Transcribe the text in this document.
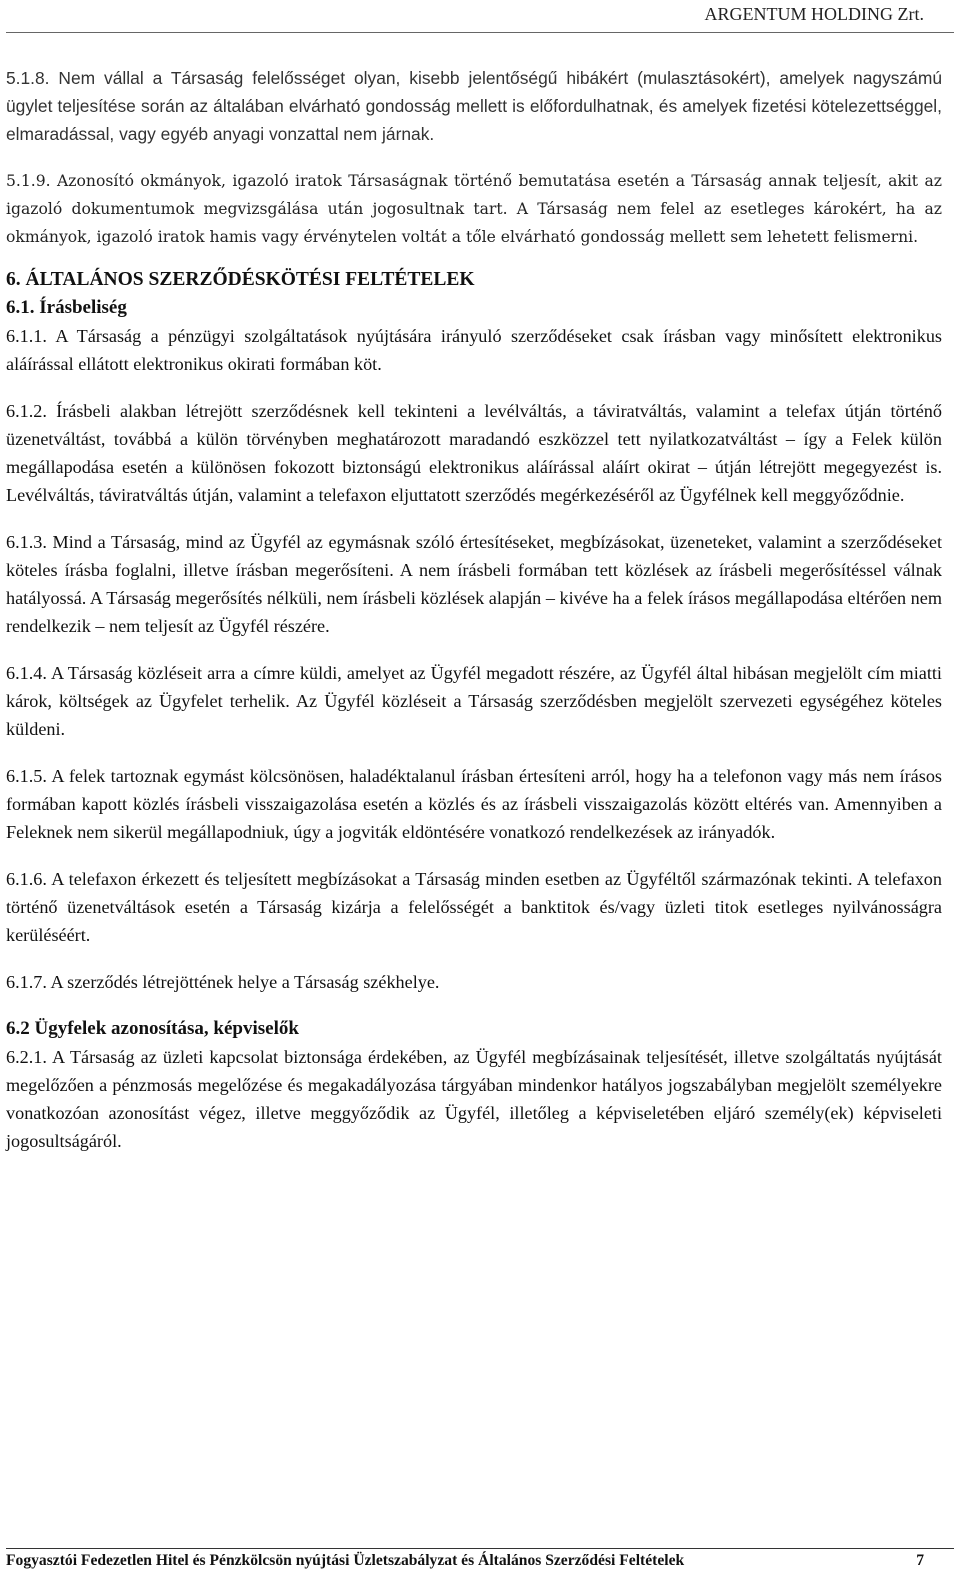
ARGENTUM HOLDING Zrt.

5.1.8. Nem vállal a Társaság felelősséget olyan, kisebb jelentőségű hibákért (mulasztásokért), amelyek nagyszámú ügylet teljesítése során az általában elvárható gondosság mellett is előfordulhatnak, és amelyek fizetési kötelezettséggel, elmaradással, vagy egyéb anyagi vonzattal nem járnak.

5.1.9. Azonosító okmányok, igazoló iratok Társaságnak történő bemutatása esetén a Társaság annak teljesít, akit az igazoló dokumentumok megvizsgálása után jogosultnak tart. A Társaság nem felel az esetleges károkért, ha az okmányok, igazoló iratok hamis vagy érvénytelen voltát a tőle elvárható gondosság mellett sem lehetett felismerni.

6. ÁLTALÁNOS SZERZŐDÉSKÖTÉSI FELTÉTELEK

6.1. Írásbeliség

6.1.1. A Társaság a pénzügyi szolgáltatások nyújtására irányuló szerződéseket csak írásban vagy minősített elektronikus aláírással ellátott elektronikus okirati formában köt.

6.1.2. Írásbeli alakban létrejött szerződésnek kell tekinteni a levélváltás, a táviratváltás, valamint a telefax útján történő üzenetváltást, továbbá a külön törvényben meghatározott maradandó eszközzel tett nyilatkozatváltást – így a Felek külön megállapodása esetén a különösen fokozott biztonságú elektronikus aláírással aláírt okirat – útján létrejött megegyezést is. Levélváltás, táviratváltás útján, valamint a telefaxon eljuttatott szerződés megérkezéséről az Ügyfélnek kell meggyőződnie.

6.1.3. Mind a Társaság, mind az Ügyfél az egymásnak szóló értesítéseket, megbízásokat, üzeneteket, valamint a szerződéseket köteles írásba foglalni, illetve írásban megerősíteni. A nem írásbeli formában tett közlések az írásbeli megerősítéssel válnak hatályossá. A Társaság megerősítés nélküli, nem írásbeli közlések alapján – kivéve ha a felek írásos megállapodása eltérően nem rendelkezik – nem teljesít az Ügyfél részére.

6.1.4. A Társaság közléseit arra a címre küldi, amelyet az Ügyfél megadott részére, az Ügyfél által hibásan megjelölt cím miatti károk, költségek az Ügyfelet terhelik. Az Ügyfél közléseit a Társaság szerződésben megjelölt szervezeti egységéhez köteles küldeni.

6.1.5. A felek tartoznak egymást kölcsönösen, haladéktalanul írásban értesíteni arról, hogy ha a telefonon vagy más nem írásos formában kapott közlés írásbeli visszaigazolása esetén a közlés és az írásbeli visszaigazolás között eltérés van. Amennyiben a Feleknek nem sikerül megállapodniuk, úgy a jogviták eldöntésére vonatkozó rendelkezések az irányadók.

6.1.6. A telefaxon érkezett és teljesített megbízásokat a Társaság minden esetben az Ügyféltől származónak tekinti. A telefaxon történő üzenetváltások esetén a Társaság kizárja a felelősségét a banktitok és/vagy üzleti titok esetleges nyilvánosságra kerüléséért.

6.1.7. A szerződés létrejöttének helye a Társaság székhelye.

6.2 Ügyfelek azonosítása, képviselők

6.2.1. A Társaság az üzleti kapcsolat biztonsága érdekében, az Ügyfél megbízásainak teljesítését, illetve szolgáltatás nyújtását megelőzően a pénzmosás megelőzése és megakadályozása tárgyában mindenkor hatályos jogszabályban megjelölt személyekre vonatkozóan azonosítást végez, illetve meggyőződik az Ügyfél, illetőleg a képviseletében eljáró személy(ek) képviseleti jogosultságáról.

Fogyasztói Fedezetlen Hitel és Pénzkölcsön nyújtási Üzletszabályzat és Általános Szerződési Feltételek	7
